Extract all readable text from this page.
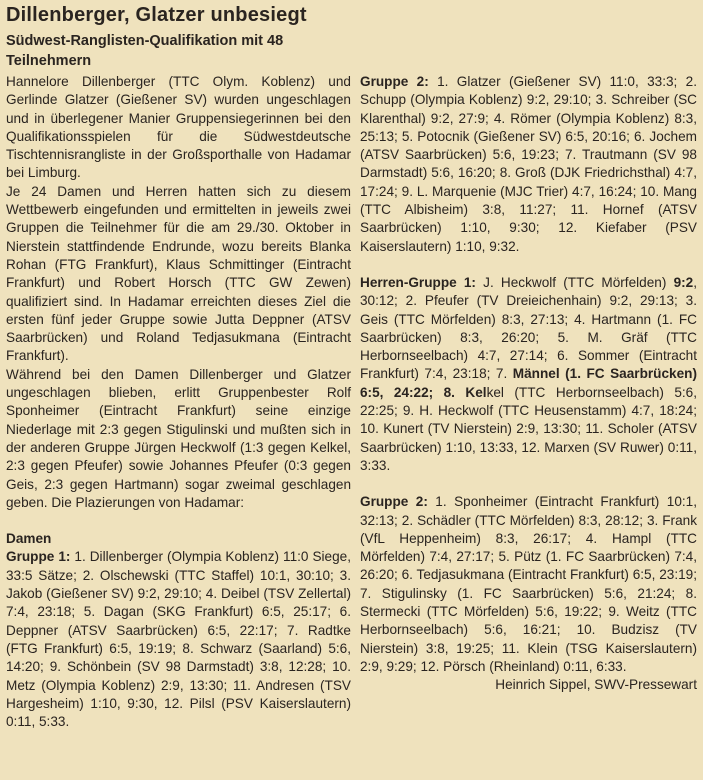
Dillenberger, Glatzer unbesiegt
Südwest-Ranglisten-Qualifikation mit 48 Teilnehmern

Hannelore Dillenberger (TTC Olym. Koblenz) und Gerlinde Glatzer (Gießener SV) wurden ungeschlagen und in überlegener Manier Gruppensiegerinnen bei den Qualifikationsspielen für die Südwestdeutsche Tischtennisrangliste in der Großsporthalle von Hadamar bei Limburg.

Je 24 Damen und Herren hatten sich zu diesem Wettbewerb eingefunden und ermittelten in jeweils zwei Gruppen die Teilnehmer für die am 29./30. Oktober in Nierstein stattfindende Endrunde, wozu bereits Blanka Rohan (FTG Frankfurt), Klaus Schmittinger (Eintracht Frankfurt) und Robert Horsch (TTC GW Zewen) qualifiziert sind. In Hadamar erreichten dieses Ziel die ersten fünf jeder Gruppe sowie Jutta Deppner (ATSV Saarbrücken) und Roland Tedjasukmana (Eintracht Frankfurt).

Während bei den Damen Dillenberger und Glatzer ungeschlagen blieben, erlitt Gruppenbester Rolf Sponheimer (Eintracht Frankfurt) seine einzige Niederlage mit 2:3 gegen Stigulinski und mußten sich in der anderen Gruppe Jürgen Heckwolf (1:3 gegen Kelkel, 2:3 gegen Pfeufer) sowie Johannes Pfeufer (0:3 gegen Geis, 2:3 gegen Hartmann) sogar zweimal geschlagen geben. Die Plazierungen von Hadamar:

Damen

Gruppe 1: 1. Dillenberger (Olympia Koblenz) 11:0 Siege, 33:5 Sätze; 2. Olschewski (TTC Staffel) 10:1, 30:10; 3. Jakob (Gießener SV) 9:2, 29:10; 4. Deibel (TSV Zellertal) 7:4, 23:18; 5. Dagan (SKG Frankfurt) 6:5, 25:17; 6. Deppner (ATSV Saarbrücken) 6:5, 22:17; 7. Radtke (FTG Frankfurt) 6:5, 19:19; 8. Schwarz (Saarland) 5:6, 14:20; 9. Schönbein (SV 98 Darmstadt) 3:8, 12:28; 10. Metz (Olympia Koblenz) 2:9, 13:30; 11. Andresen (TSV Hargesheim) 1:10, 9:30, 12. Pilsl (PSV Kaiserslautern) 0:11, 5:33.

Gruppe 2: 1. Glatzer (Gießener SV) 11:0, 33:3; 2. Schupp (Olympia Koblenz) 9:2, 29:10; 3. Schreiber (SC Klarenthal) 9:2, 27:9; 4. Römer (Olympia Koblenz) 8:3, 25:13; 5. Potocnik (Gießener SV) 6:5, 20:16; 6. Jochem (ATSV Saarbrücken) 5:6, 19:23; 7. Trautmann (SV 98 Darmstadt) 5:6, 16:20; 8. Groß (DJK Friedrichsthal) 4:7, 17:24; 9. L. Marquenie (MJC Trier) 4:7, 16:24; 10. Mang (TTC Albisheim) 3:8, 11:27; 11. Hornef (ATSV Saarbrücken) 1:10, 9:30; 12. Kiefaber (PSV Kaiserslautern) 1:10, 9:32.

Herren-Gruppe 1: J. Heckwolf (TTC Mörfelden) 9:2, 30:12; 2. Pfeufer (TV Dreieichenhain) 9:2, 29:13; 3. Geis (TTC Mörfelden) 8:3, 27:13; 4. Hartmann (1. FC Saarbrücken) 8:3, 26:20; 5. M. Gräf (TTC Herbornseelbach) 4:7, 27:14; 6. Sommer (Eintracht Frankfurt) 7:4, 23:18; 7. Männel (1. FC Saarbrücken) 6:5, 24:22; 8. Kelkel (TTC Herbornseelbach) 5:6, 22:25; 9. H. Heckwolf (TTC Heusenstamm) 4:7, 18:24; 10. Kunert (TV Nierstein) 2:9, 13:30; 11. Scholer (ATSV Saarbrücken) 1:10, 13:33, 12. Marxen (SV Ruwer) 0:11, 3:33.

Gruppe 2: 1. Sponheimer (Eintracht Frankfurt) 10:1, 32:13; 2. Schädler (TTC Mörfelden) 8:3, 28:12; 3. Frank (VfL Heppenheim) 8:3, 26:17; 4. Hampl (TTC Mörfelden) 7:4, 27:17; 5. Pütz (1. FC Saarbrücken) 7:4, 26:20; 6. Tedjasukmana (Eintracht Frankfurt) 6:5, 23:19; 7. Stigulinsky (1. FC Saarbrücken) 5:6, 21:24; 8. Stermecki (TTC Mörfelden) 5:6, 19:22; 9. Weitz (TTC Herbornseelbach) 5:6, 16:21; 10. Budzisz (TV Nierstein) 3:8, 19:25; 11. Klein (TSG Kaiserslautern) 2:9, 9:29; 12. Pörsch (Rheinland) 0:11, 6:33.

Heinrich Sippel, SWV-Pressewart
